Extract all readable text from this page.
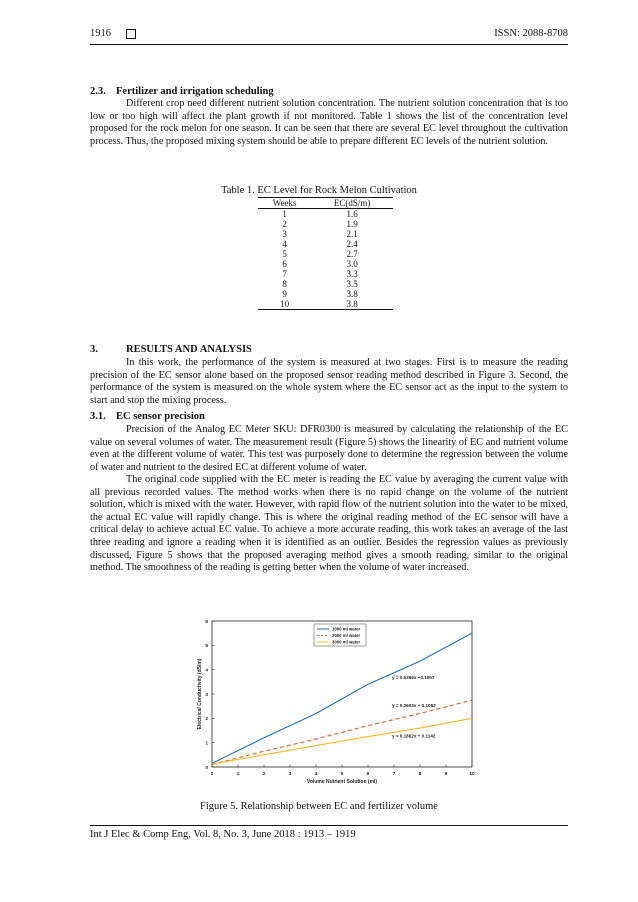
1916	ISSN: 2088-8708
2.3. Fertilizer and irrigation scheduling

Different crop need different nutrient solution concentration. The nutrient solution concentration that is too low or too high will affect the plant growth if not monitored. Table 1 shows the list of the concentration level proposed for the rock melon for one season. It can be seen that there are several EC level throughout the cultivation process. Thus, the proposed mixing system should be able to prepare different EC levels of the nutrient solution.

Table 1. EC Level for Rock Melon Cultivation
Weeks	EC(dS/m)
1	1.6
2	1.9
3	2.1
4	2.4
5	2.7
6	3.0
7	3.3
8	3.5
9	3.8
10	3.8
3.	RESULTS AND ANALYSIS

In this work, the performance of the system is measured at two stages. First is to measure the reading precision of the EC sensor alone based on the proposed sensor reading method described in Figure 3. Second, the performance of the system is measured on the whole system where the EC sensor act as the input to the system to start and stop the mixing process.

3.1. EC sensor precision

Precision of the Analog EC Meter SKU: DFR0300 is measured by calculating the relationship of the EC value on several volumes of water. The measurement result (Figure 5) shows the linearity of EC and nutrient volume even at the different volume of water. This test was purposely done to determine the regression between the volume of water and nutrient to the desired EC at different volume of water.

The original code supplied with the EC meter is reading the EC value by averaging the current value with all previous recorded values. The method works when there is no rapid change on the volume of the nutrient solution, which is mixed with the water. However, with rapid flow of the nutrient solution into the water to be mixed, the actual EC value will rapidly change. This is where the original reading method of the EC sensor will have a critical delay to achieve actual EC value. To achieve a more accurate reading, this work takes an average of the last three reading and ignore a reading when it is identified as an outlier. Besides the regression values as previously discussed, Figure 5 shows that the proposed averaging method gives a smooth reading, similar to the original method. The smoothness of the reading is getting better when the volume of water increased.

0	1	2	3	4	5	6	7	8	9	10
0
1
2
3
4
5
6
Volume Nutrient Solution (ml)
Electrical Conductivity (dS/m)	y = 0.5369x +0.1057
y = 0.2603x + 0.1052
y = 0.1862x + 0.1142
1000 ml water
2000 ml water
3000 ml water
Figure 5. Relationship between EC and fertilizer volume
Int J Elec & Comp Eng, Vol. 8, No. 3, June 2018 : 1913 – 1919
